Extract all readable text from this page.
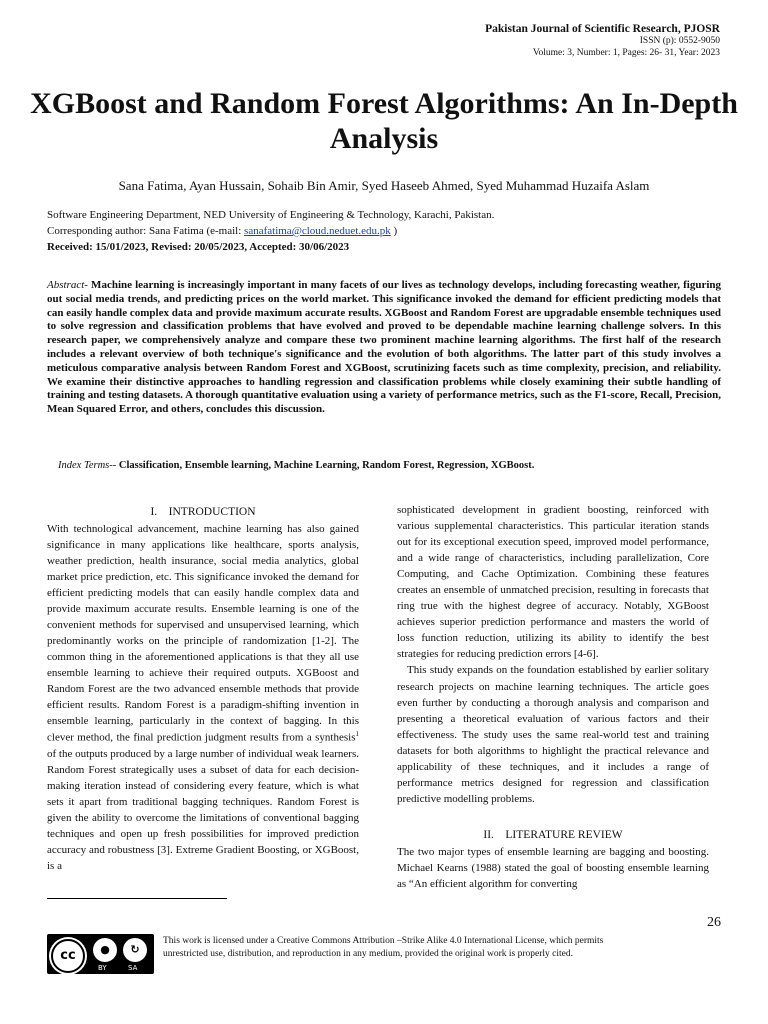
Pakistan Journal of Scientific Research, PJOSR
ISSN (p): 0552-9050
Volume: 3, Number: 1, Pages: 26- 31, Year: 2023
XGBoost and Random Forest Algorithms: An In-Depth Analysis
Sana Fatima, Ayan Hussain, Sohaib Bin Amir, Syed Haseeb Ahmed, Syed Muhammad Huzaifa Aslam
Software Engineering Department, NED University of Engineering & Technology, Karachi, Pakistan.
Corresponding author: Sana Fatima (e-mail: sanafatima@cloud.neduet.edu.pk )
Received: 15/01/2023, Revised: 20/05/2023, Accepted: 30/06/2023
Abstract- Machine learning is increasingly important in many facets of our lives as technology develops, including forecasting weather, figuring out social media trends, and predicting prices on the world market. This significance invoked the demand for efficient predicting models that can easily handle complex data and provide maximum accurate results. XGBoost and Random Forest are upgradable ensemble techniques used to solve regression and classification problems that have evolved and proved to be dependable machine learning challenge solvers. In this research paper, we comprehensively analyze and compare these two prominent machine learning algorithms. The first half of the research includes a relevant overview of both technique's significance and the evolution of both algorithms. The latter part of this study involves a meticulous comparative analysis between Random Forest and XGBoost, scrutinizing facets such as time complexity, precision, and reliability. We examine their distinctive approaches to handling regression and classification problems while closely examining their subtle handling of training and testing datasets. A thorough quantitative evaluation using a variety of performance metrics, such as the F1-score, Recall, Precision, Mean Squared Error, and others, concludes this discussion.
Index Terms-- Classification, Ensemble learning, Machine Learning, Random Forest, Regression, XGBoost.
I.    INTRODUCTION

With technological advancement, machine learning has also gained significance in many applications like healthcare, sports analysis, weather prediction, health insurance, social media analytics, global market price prediction, etc. This significance invoked the demand for efficient predicting models that can easily handle complex data and provide maximum accurate results. Ensemble learning is one of the convenient methods for supervised and unsupervised learning, which predominantly works on the principle of randomization [1-2]. The common thing in the aforementioned applications is that they all use ensemble learning to achieve their required outputs. XGBoost and Random Forest are the two advanced ensemble methods that provide efficient results. Random Forest is a paradigm-shifting invention in ensemble learning, particularly in the context of bagging. In this clever method, the final prediction judgment results from a synthesis$^1$ of the outputs produced by a large number of individual weak learners. Random Forest strategically uses a subset of data for each decision-making iteration instead of considering every feature, which is what sets it apart from traditional bagging techniques. Random Forest is given the ability to overcome the limitations of conventional bagging techniques and open up fresh possibilities for improved prediction accuracy and robustness [3]. Extreme Gradient Boosting, or XGBoost, is a

sophisticated development in gradient boosting, reinforced with various supplemental characteristics. This particular iteration stands out for its exceptional execution speed, improved model performance, and a wide range of characteristics, including parallelization, Core Computing, and Cache Optimization. Combining these features creates an ensemble of unmatched precision, resulting in forecasts that ring true with the highest degree of accuracy. Notably, XGBoost achieves superior prediction performance and masters the world of loss function reduction, utilizing its ability to identify the best strategies for reducing prediction errors [4-6].

This study expands on the foundation established by earlier solitary research projects on machine learning techniques. The article goes even further by conducting a thorough analysis and comparison and presenting a theoretical evaluation of various factors and their effectiveness. The study uses the same real-world test and training datasets for both algorithms to highlight the practical relevance and applicability of these techniques, and it includes a range of performance metrics designed for regression and classification predictive modelling problems.

II.    LITERATURE REVIEW

The two major types of ensemble learning are bagging and boosting. Michael Kearns (1988) stated the goal of boosting ensemble learning as “An efficient algorithm for converting

26
cc	●	↻
BY	SA
This work is licensed under a Creative Commons Attribution –Strike Alike 4.0 International License, which permits unrestricted use, distribution, and reproduction in any medium, provided the original work is properly cited.
